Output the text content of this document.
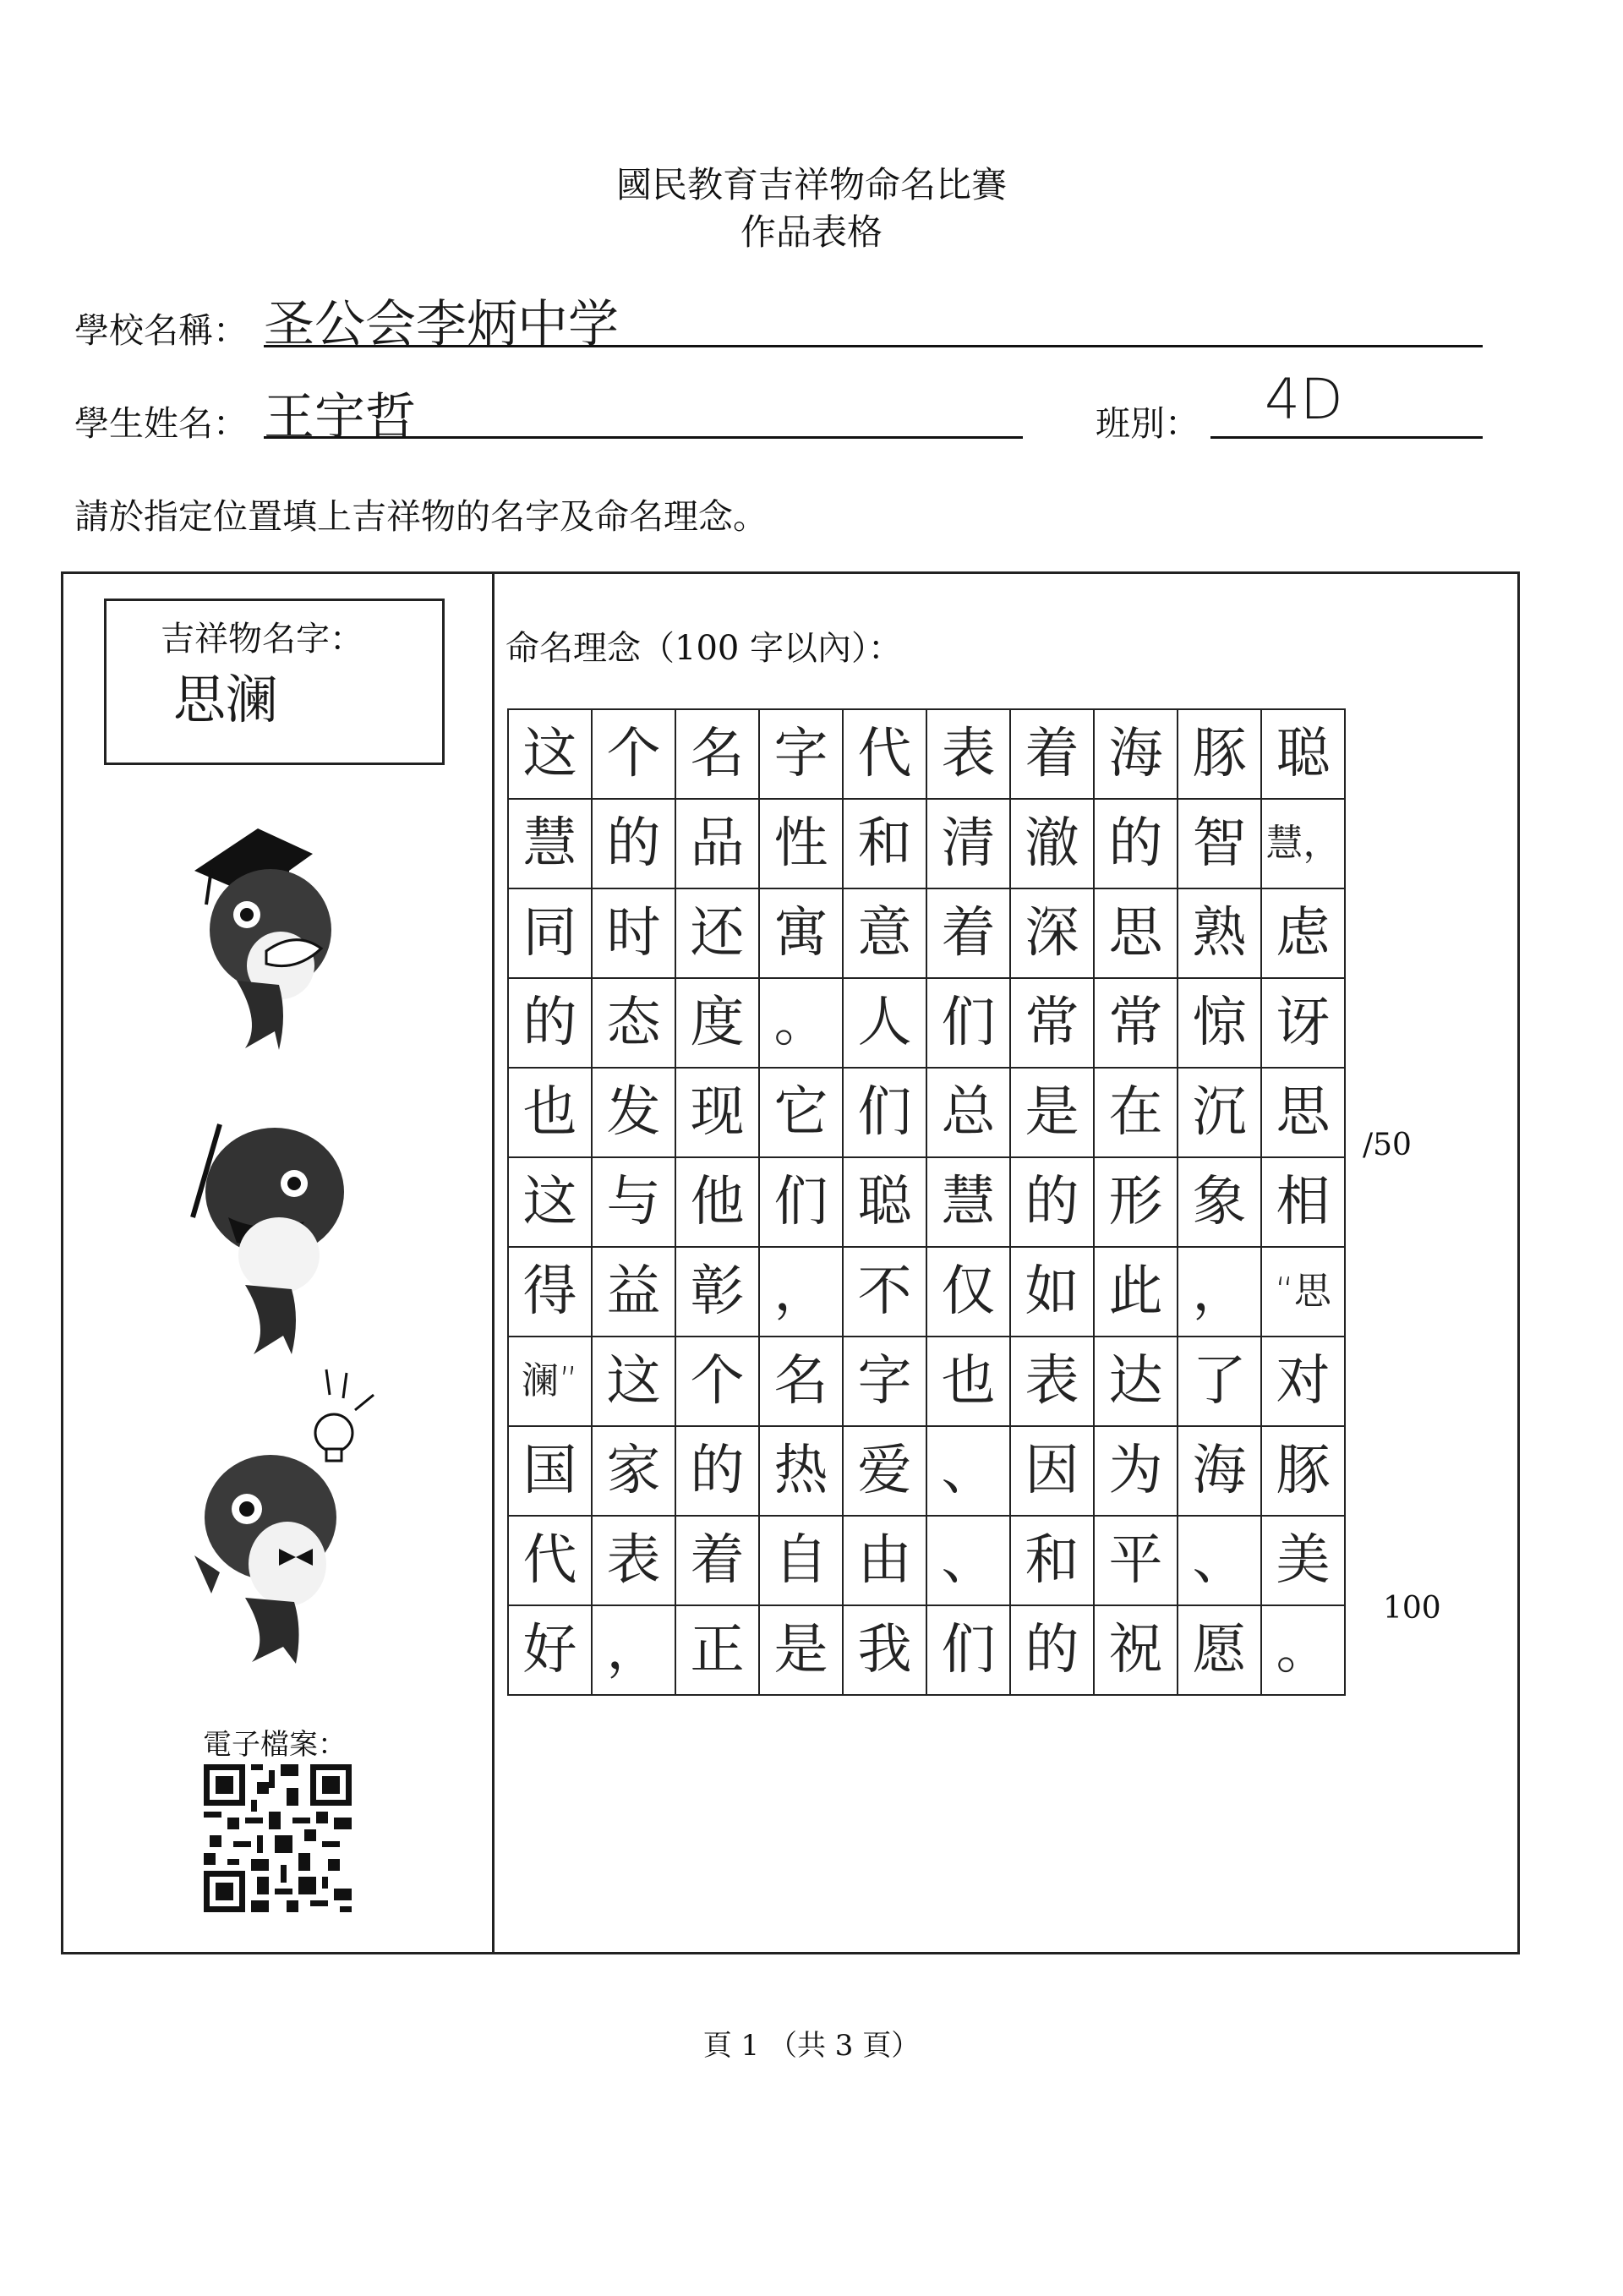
國民教育吉祥物命名比賽
作品表格
學校名稱： 圣公会李炳中学
學生姓名： 王宇哲	班別： 4D
請於指定位置填上吉祥物的名字及命名理念。
吉祥物名字：
思澜
電子檔案：
命名理念（100 字以內）：
这	个	名	字	代	表	着	海	豚	聪
慧	的	品	性	和	清	澈	的	智	慧，
同	时	还	寓	意	着	深	思	熟	虑
的	态	度	。	人	们	常	常	惊	讶
也	发	现	它	们	总	是	在	沉	思
这	与	他	们	聪	慧	的	形	象	相
得	益	彰	，	不	仅	如	此	，	“思
澜”	这	个	名	字	也	表	达	了	对
国	家	的	热	爱	、	因	为	海	豚
代	表	着	自	由	、	和	平	、	美
好	，	正	是	我	们	的	祝	愿	。
/50
100
頁 1 （共 3 頁）
